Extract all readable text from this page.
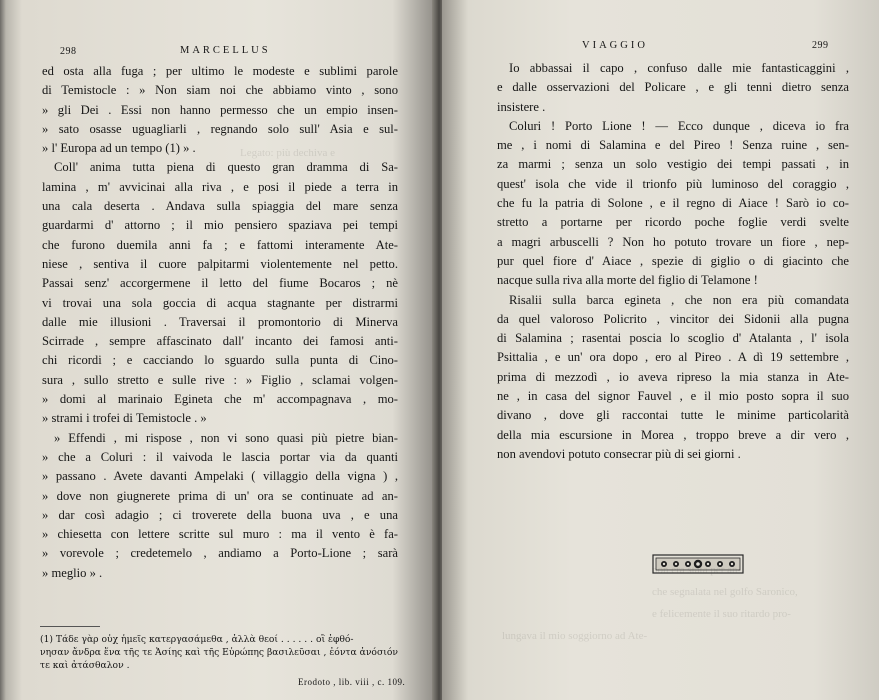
298	MARCELLUS
Legato: più dechiva e
ed osta alla fuga ; per ultimo le modeste e sublimi parole
di Temistocle : » Non siam noi che abbiamo vinto , sono
» gli Dei . Essi non hanno permesso che un empio insen-
» sato osasse uguagliarli , regnando solo sull' Asia e sul-
» l' Europa ad un tempo (1) » .
Coll' anima tutta piena di questo gran dramma di Sa-
lamina , m' avvicinai alla riva , e posi il piede a terra in
una cala deserta . Andava sulla spiaggia del mare senza
guardarmi d' attorno ; il mio pensiero spaziava pei tempi
che furono duemila anni fa ; e fattomi interamente Ate-
niese , sentiva il cuore palpitarmi violentemente nel petto.
Passai senz' accorgermene il letto del fiume Bocaros ; nè
vi trovai una sola goccia di acqua stagnante per distrarmi
dalle mie illusioni . Traversai il promontorio di Minerva
Scirrade , sempre affascinato dall' incanto dei famosi anti-
chi ricordi ; e cacciando lo sguardo sulla punta di Cino-
sura , sullo stretto e sulle rive : » Figlio , sclamai volgen-
» domi al marinaio Egineta che m' accompagnava , mo-
» strami i trofei di Temistocle . »
» Effendi , mi rispose , non vi sono quasi più pietre bian-
» che a Coluri : il vaivoda le lascia portar via da quanti
» passano . Avete davanti Ampelaki ( villaggio della vigna ) ,
» dove non giugnerete prima di un' ora se continuate ad an-
» dar così adagio ; ci troverete della buona uva , e una
» chiesetta con lettere scritte sul muro : ma il vento è fa-
» vorevole ; credetemelo , andiamo a Porto-Lione ; sarà
» meglio » .
(1) Τάδε γὰρ οὐχ ἡμεῖς κατεργασάμεθα , ἀλλὰ θεοί . . . . . . οἳ ἐφθό-
νησαν ἄνδρα ἕνα τῆς τε Ἀσίης καὶ τῆς Εὐρώπης βασιλεῦσαι , ἐόντα ἀνόσιόν
τε καὶ ἀτάσθαλον .
Erodoto , lib. viii , c. 109.
VIAGGIO	299
Io abbassai il capo , confuso dalle mie fantasticaggini ,
e dalle osservazioni del Policare , e gli tenni dietro senza
insistere .
Coluri ! Porto Lione ! — Ecco dunque , diceva io fra
me , i nomi di Salamina e del Pireo ! Senza ruine , sen-
za marmi ; senza un solo vestigio dei tempi passati , in
quest' isola che vide il trionfo più luminoso del coraggio ,
che fu la patria di Solone , e il regno di Aiace ! Sarò io co-
stretto a portarne per ricordo poche foglie verdi svelte
a magri arbuscelli ? Non ho potuto trovare un fiore , nep-
pur quel fiore d' Aiace , spezie di giglio o di giacinto che
nacque sulla riva alla morte del figlio di Telamone !
Risalii sulla barca egineta , che non era più comandata
da quel valoroso Policrito , vincitor dei Sidonii alla pugna
di Salamina ; rasentai poscia lo scoglio d' Atalanta , l' isola
Psittalia , e un' ora dopo , ero al Pireo . A dì 19 settembre ,
prima di mezzodì , io aveva ripreso la mia stanza in Ate-
ne , in casa del signor Fauvel , e il mio posto sopra il suo
divano , dove gli raccontai tutte le minime particolarità
della mia escursione in Morea , troppo breve a dir vero ,
non avendovi potuto consecrar più di sei giorni .
non era stata per an-
che segnalata nel golfo Saronico,
e felicemente il suo ritardo pro-
lungava il mio soggiorno ad Ate-
